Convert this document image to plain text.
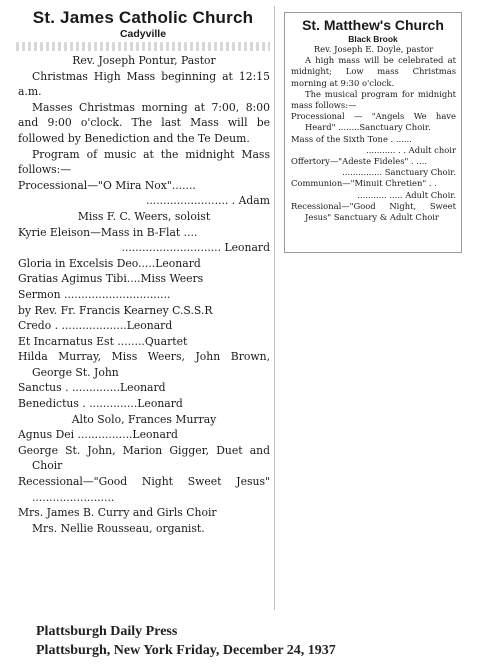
St. James Catholic Church

Cadyville

Rev. Joseph Pontur, Pastor

Christmas High Mass beginning at 12:15 a.m.

Masses Christmas morning at 7:00, 8:00 and 9:00 o'clock. The last Mass will be followed by Benediction and the Te Deum.

Program of music at the midnight Mass follows:—

Processional—"O Mira Nox".......

........................ . Adam

Miss F. C. Weers, soloist

Kyrie Eleison—Mass in B-Flat ....

............................. Leonard

Gloria in Excelsis Deo.....Leonard

Gratias Agimus Tibi....Miss Weers

Sermon ...............................

by Rev. Fr. Francis Kearney C.S.S.R

Credo . ...................Leonard

Et Incarnatus Est ........Quartet

Hilda Murray, Miss Weers, John Brown, George St. John

Sanctus . ..............Leonard

Benedictus . ..............Leonard

Alto Solo, Frances Murray

Agnus Dei ................Leonard

George St. John, Marion Gigger, Duet and Choir

Recessional—"Good Night Sweet Jesus" ........................

Mrs. James B. Curry and Girls Choir

Mrs. Nellie Rousseau, organist.

St. Matthew's Church

Black Brook

Rev. Joseph E. Doyle, pastor

A high mass will be celebrated at midnight; Low mass Christmas morning at 9:30 o'clock.

The musical program for midnight mass follows:—

Processional — "Angels We have Heard" ........Sanctuary Choir.

Mass of the Sixth Tone . ......

........... . . Adult choir

Offertory—"Adeste Fideles" . ....

............... Sanctuary Choir.

Communion—"Minuit Chretien" . .

........... ..... Adult Choir.

Recessional—"Good Night, Sweet Jesus" Sanctuary & Adult Choir

Plattsburgh Daily Press
Plattsburgh, New York Friday, December 24, 1937
